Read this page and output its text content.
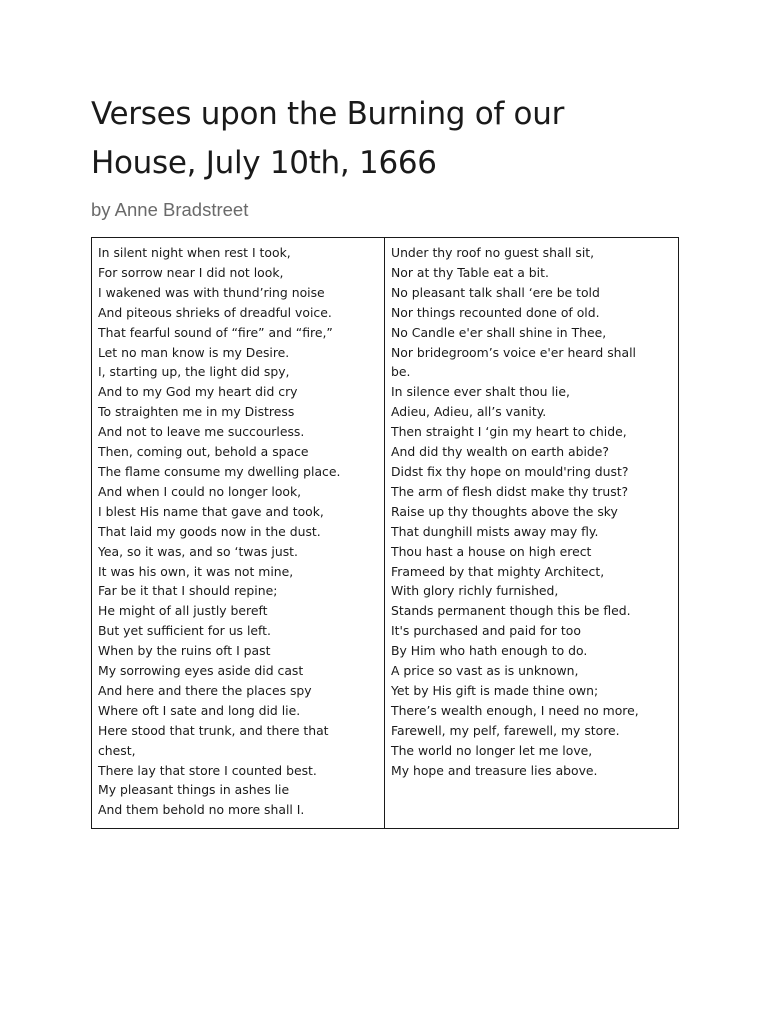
Verses upon the Burning of our
House, July 10th, 1666
by Anne Bradstreet
In silent night when rest I took,
For sorrow near I did not look,
I wakened was with thund’ring noise
And piteous shrieks of dreadful voice.
That fearful sound of “fire” and “fire,”
Let no man know is my Desire.
I, starting up, the light did spy,
And to my God my heart did cry
To straighten me in my Distress
And not to leave me succourless.
Then, coming out, behold a space
The flame consume my dwelling place.
And when I could no longer look,
I blest His name that gave and took,
That laid my goods now in the dust.
Yea, so it was, and so ‘twas just.
It was his own, it was not mine,
Far be it that I should repine;
He might of all justly bereft
But yet sufficient for us left.
When by the ruins oft I past
My sorrowing eyes aside did cast
And here and there the places spy
Where oft I sate and long did lie.
Here stood that trunk, and there that
chest,
There lay that store I counted best.
My pleasant things in ashes lie
And them behold no more shall I.
Under thy roof no guest shall sit,
Nor at thy Table eat a bit.
No pleasant talk shall ‘ere be told
Nor things recounted done of old.
No Candle e'er shall shine in Thee,
Nor bridegroom’s voice e'er heard shall
be.
In silence ever shalt thou lie,
Adieu, Adieu, all’s vanity.
Then straight I ‘gin my heart to chide,
And did thy wealth on earth abide?
Didst fix thy hope on mould'ring dust?
The arm of flesh didst make thy trust?
Raise up thy thoughts above the sky
That dunghill mists away may fly.
Thou hast a house on high erect
Frameed by that mighty Architect,
With glory richly furnished,
Stands permanent though this be fled.
It's purchased and paid for too
By Him who hath enough to do.
A price so vast as is unknown,
Yet by His gift is made thine own;
There’s wealth enough, I need no more,
Farewell, my pelf, farewell, my store.
The world no longer let me love,
My hope and treasure lies above.
